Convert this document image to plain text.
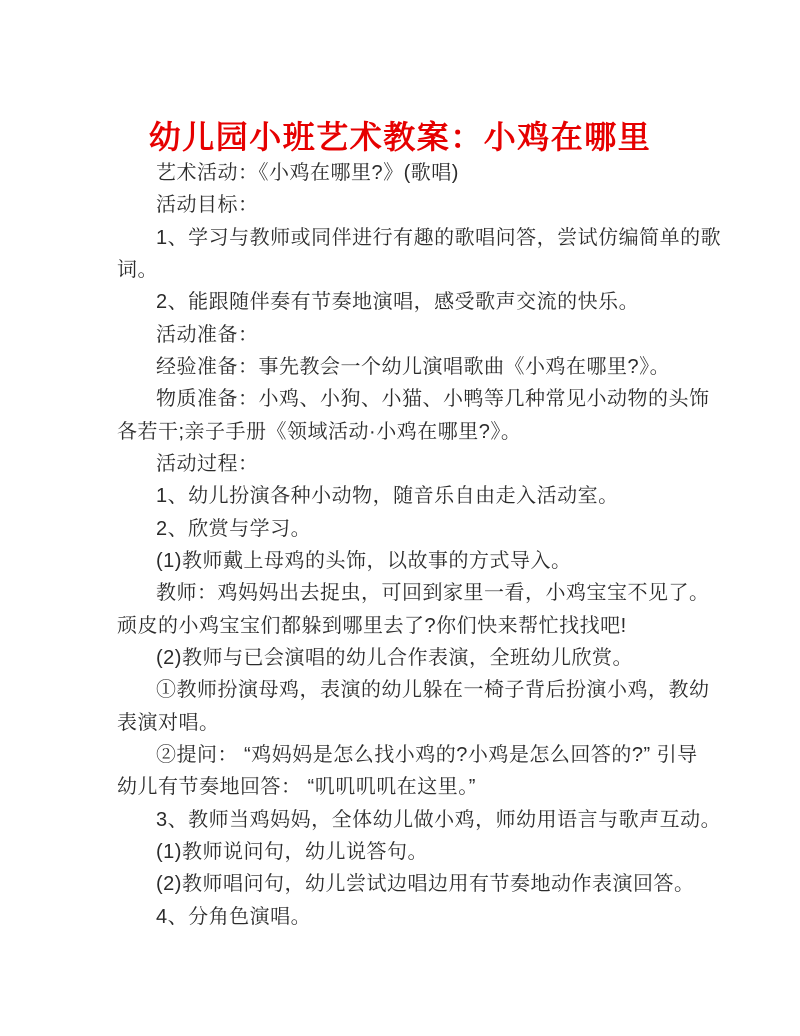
幼儿园小班艺术教案：小鸡在哪里
艺术活动：《小鸡在哪里?》(歌唱)
活动目标：
1、学习与教师或同伴进行有趣的歌唱问答，尝试仿编简单的歌
词。
2、能跟随伴奏有节奏地演唱，感受歌声交流的快乐。
活动准备：
经验准备：事先教会一个幼儿演唱歌曲《小鸡在哪里?》。
物质准备：小鸡、小狗、小猫、小鸭等几种常见小动物的头饰
各若干;亲子手册《领域活动·小鸡在哪里?》。
活动过程：
1、幼儿扮演各种小动物，随音乐自由走入活动室。
2、欣赏与学习。
(1)教师戴上母鸡的头饰，以故事的方式导入。
教师：鸡妈妈出去捉虫，可回到家里一看，小鸡宝宝不见了。
顽皮的小鸡宝宝们都躲到哪里去了?你们快来帮忙找找吧!
(2)教师与已会演唱的幼儿合作表演，全班幼儿欣赏。
①教师扮演母鸡，表演的幼儿躲在一椅子背后扮演小鸡，教幼
表演对唱。
②提问： “鸡妈妈是怎么找小鸡的?小鸡是怎么回答的?” 引导
幼儿有节奏地回答： “叽叽叽叽在这里。”
3、教师当鸡妈妈，全体幼儿做小鸡，师幼用语言与歌声互动。
(1)教师说问句，幼儿说答句。
(2)教师唱问句，幼儿尝试边唱边用有节奏地动作表演回答。
4、分角色演唱。
